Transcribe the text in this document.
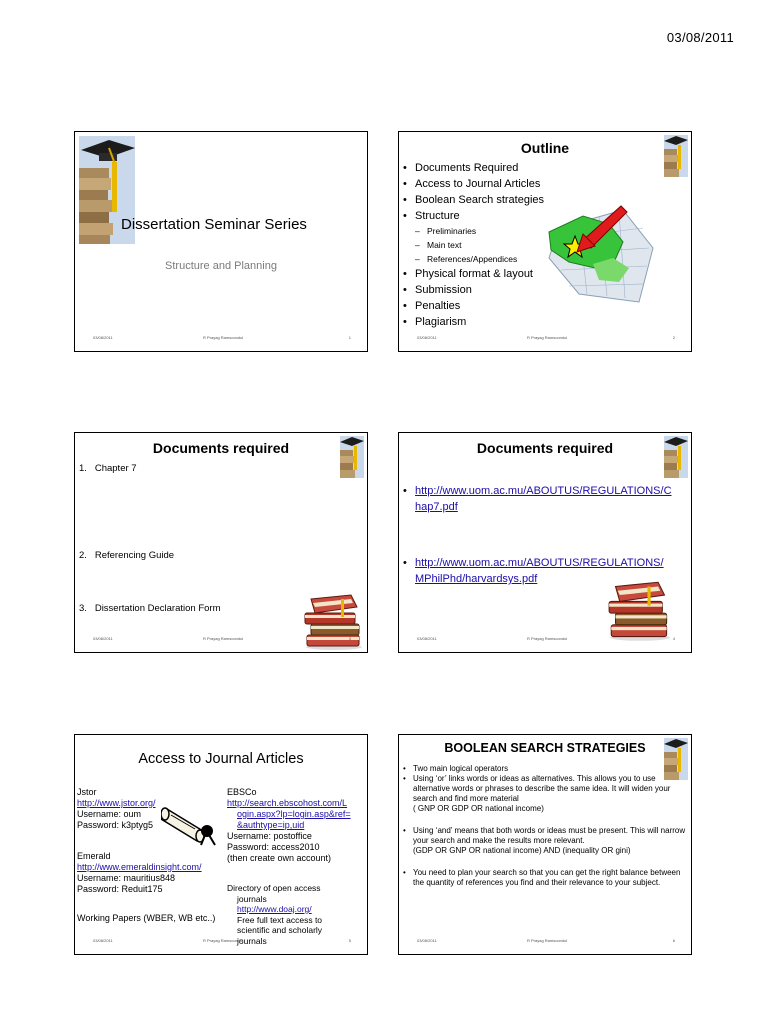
03/08/2011
Dissertation Seminar Series
Structure and Planning
03/08/2011	R Prayag Ramsoondul	1
Outline
• Documents Required
• Access to Journal Articles
• Boolean Search strategies
• Structure
– Preliminaries
– Main text
– References/Appendices
• Physical format & layout
• Submission
• Penalties
• Plagiarism
03/08/2011	R Prayag Ramsoondul	2
Documents required
1.   Chapter 7

2.   Referencing Guide

3.   Dissertation Declaration Form

03/08/2011	R Prayag Ramsoondul	3
Documents required
• http://www.uom.ac.mu/ABOUTUS/REGULATIONS/C
hap7.pdf
• http://www.uom.ac.mu/ABOUTUS/REGULATIONS/
MPhilPhd/harvardsys.pdf
03/08/2011	R Prayag Ramsoondul	4
Access to Journal Articles
Jstor
http://www.jstor.org/
Username: oum
Password: k3ptyg5
Emerald
http://www.emeraldinsight.com/
Username: mauritius848
Password: Reduit175
Working Papers (WBER, WB etc..)
EBSCo
http://search.ebscohost.com/L
ogin.aspx?lp=login.asp&ref=
&authtype=ip,uid
Username: postoffice
Password: access2010
(then create own account)
Directory of open access
journals
http://www.doaj.org/
Free full text access to
scientific and scholarly
journals
03/08/2011	R Prayag Ramsoondul	5
BOOLEAN SEARCH STRATEGIES
• Two main logical operators
• Using ‘or’ links words or ideas as alternatives. This allows you to use alternative words or phrases to describe the same idea. It will widen your search and find more material
( GNP OR GDP OR national income)
• Using ‘and’ means that both words or ideas must be present. This will narrow your search and make the results more relevant.
(GDP OR GNP OR national income) AND (inequality OR gini)
• You need to plan your search so that you can get the right balance between the quantity of references you find and their relevance to your subject.
03/08/2011	R Prayag Ramsoondul	6
